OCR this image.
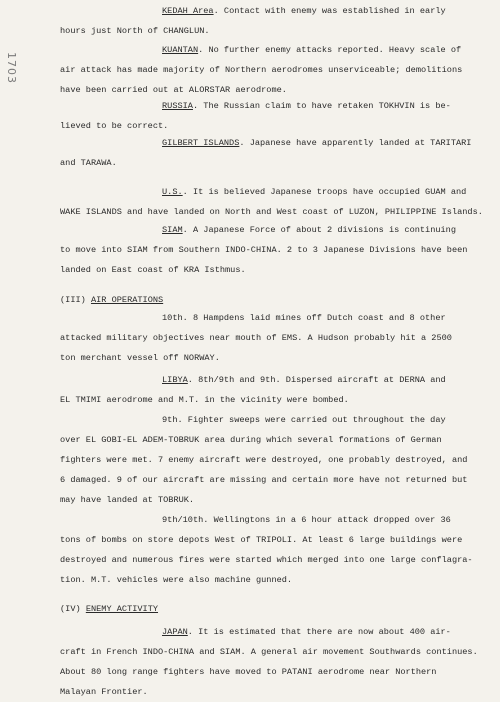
1703
KEDAH Area. Contact with enemy was established in early
hours just North of CHANGLUN.
KUANTAN. No further enemy attacks reported. Heavy scale of
air attack has made majority of Northern aerodromes unserviceable; demolitions
have been carried out at ALORSTAR aerodrome.
RUSSIA. The Russian claim to have retaken TOKHVIN is be-
lieved to be correct.
GILBERT ISLANDS. Japanese have apparently landed at TARITARI
and TARAWA.
U.S.. It is believed Japanese troops have occupied GUAM and
WAKE ISLANDS and have landed on North and West coast of LUZON, PHILIPPINE Islands.
SIAM. A Japanese Force of about 2 divisions is continuing
to move into SIAM from Southern INDO-CHINA. 2 to 3 Japanese Divisions have been
landed on East coast of KRA Isthmus.
(III) AIR OPERATIONS
10th. 8 Hampdens laid mines off Dutch coast and 8 other
attacked military objectives near mouth of EMS. A Hudson probably hit a 2500
ton merchant vessel off NORWAY.
LIBYA. 8th/9th and 9th. Dispersed aircraft at DERNA and
EL TMIMI aerodrome and M.T. in the vicinity were bombed.
9th. Fighter sweeps were carried out throughout the day
over EL GOBI-EL ADEM-TOBRUK area during which several formations of German
fighters were met. 7 enemy aircraft were destroyed, one probably destroyed, and
6 damaged. 9 of our aircraft are missing and certain more have not returned but
may have landed at TOBRUK.
9th/10th. Wellingtons in a 6 hour attack dropped over 36
tons of bombs on store depots West of TRIPOLI. At least 6 large buildings were
destroyed and numerous fires were started which merged into one large conflagra-
tion. M.T. vehicles were also machine gunned.
(IV) ENEMY ACTIVITY
JAPAN. It is estimated that there are now about 400 air-
craft in French INDO-CHINA and SIAM. A general air movement Southwards continues.
About 80 long range fighters have moved to PATANI aerodrome near Northern
Malayan Frontier.
